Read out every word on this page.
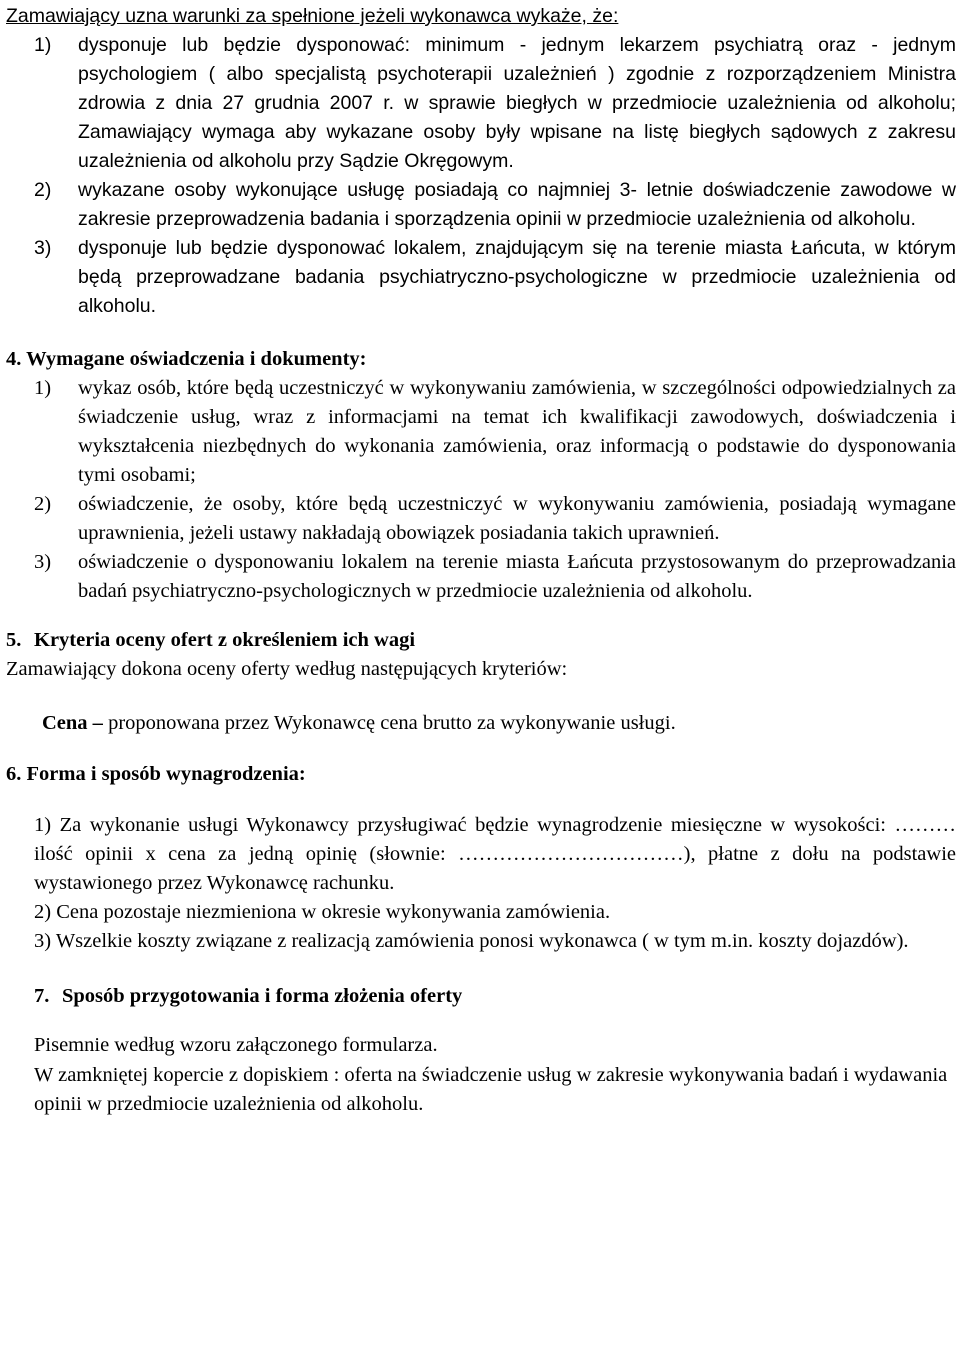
Zamawiający uzna warunki za spełnione jeżeli wykonawca wykaże, że:

1) dysponuje lub będzie dysponować: minimum - jednym lekarzem psychiatrą oraz - jednym psychologiem ( albo specjalistą psychoterapii uzależnień ) zgodnie z rozporządzeniem Ministra zdrowia z dnia 27 grudnia 2007 r. w sprawie biegłych w przedmiocie uzależnienia od alkoholu; Zamawiający wymaga aby wykazane osoby były wpisane na listę biegłych sądowych z zakresu uzależnienia od alkoholu przy Sądzie Okręgowym.
2) wykazane osoby wykonujące usługę posiadają co najmniej 3- letnie doświadczenie zawodowe w zakresie przeprowadzenia badania i sporządzenia opinii w przedmiocie uzależnienia od alkoholu.
3) dysponuje lub będzie dysponować lokalem, znajdującym się na terenie miasta Łańcuta, w którym będą przeprowadzane badania psychiatryczno-psychologiczne w przedmiocie uzależnienia od alkoholu.

4. Wymagane oświadczenia i dokumenty:

1) wykaz osób, które będą uczestniczyć w wykonywaniu zamówienia, w szczególności odpowiedzialnych za świadczenie usług, wraz z informacjami na temat ich kwalifikacji zawodowych, doświadczenia i wykształcenia niezbędnych do wykonania zamówienia, oraz informacją o podstawie do dysponowania tymi osobami;
2) oświadczenie, że osoby, które będą uczestniczyć w wykonywaniu zamówienia, posiadają wymagane uprawnienia, jeżeli ustawy nakładają obowiązek posiadania takich uprawnień.
3) oświadczenie o dysponowaniu lokalem na terenie miasta Łańcuta przystosowanym do przeprowadzania badań psychiatryczno-psychologicznych w przedmiocie uzależnienia od alkoholu.

5. Kryteria oceny ofert z określeniem ich wagi

Zamawiający dokona oceny oferty według następujących kryteriów:

Cena – proponowana przez Wykonawcę cena brutto za wykonywanie usługi.

6. Forma i sposób wynagrodzenia:

1) Za wykonanie usługi Wykonawcy przysługiwać będzie wynagrodzenie miesięczne w wysokości: ……… ilość opinii x cena za jedną opinię (słownie: ……………………………), płatne z dołu na podstawie wystawionego przez Wykonawcę rachunku.

2) Cena pozostaje niezmieniona w okresie wykonywania zamówienia.

3) Wszelkie koszty związane z realizacją zamówienia ponosi wykonawca ( w tym m.in. koszty dojazdów).

7. Sposób przygotowania i forma złożenia oferty

Pisemnie według wzoru załączonego formularza.

W zamkniętej kopercie z dopiskiem : oferta na świadczenie usług w zakresie wykonywania badań i wydawania opinii w przedmiocie uzależnienia od alkoholu.
